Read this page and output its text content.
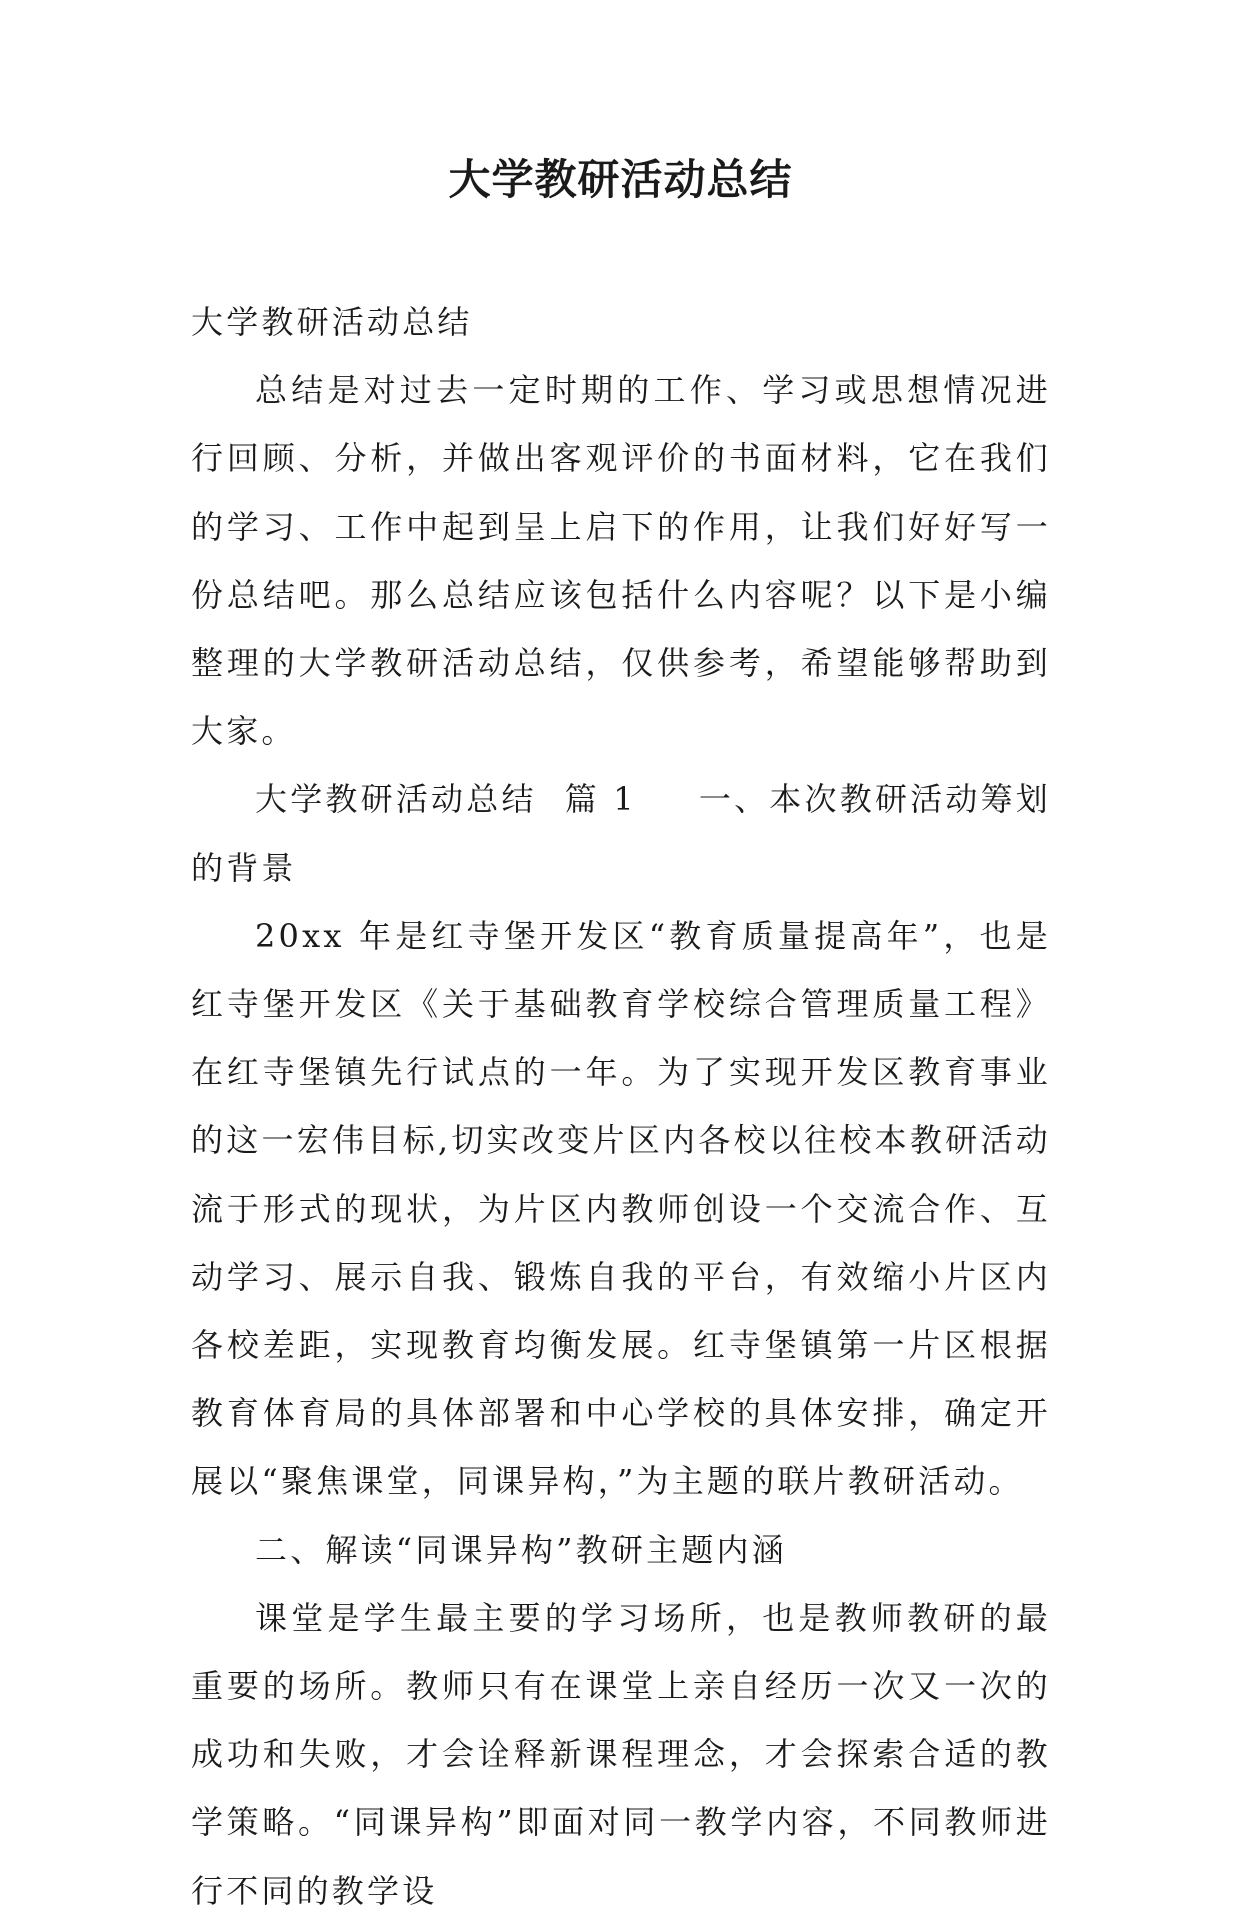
大学教研活动总结

大学教研活动总结

总结是对过去一定时期的工作、学习或思想情况进行回顾、分析，并做出客观评价的书面材料，它在我们的学习、工作中起到呈上启下的作用，让我们好好写一份总结吧。那么总结应该包括什么内容呢？以下是小编整理的大学教研活动总结，仅供参考，希望能够帮助到大家。

大学教研活动总结 篇 1 一、本次教研活动筹划的背景

20xx 年是红寺堡开发区“教育质量提高年”，也是红寺堡开发区《关于基础教育学校综合管理质量工程》在红寺堡镇先行试点的一年。为了实现开发区教育事业的这一宏伟目标,切实改变片区内各校以往校本教研活动流于形式的现状，为片区内教师创设一个交流合作、互动学习、展示自我、锻炼自我的平台，有效缩小片区内各校差距，实现教育均衡发展。红寺堡镇第一片区根据教育体育局的具体部署和中心学校的具体安排，确定开展以“聚焦课堂，同课异构，”为主题的联片教研活动。

二、解读“同课异构”教研主题内涵

课堂是学生最主要的学习场所，也是教师教研的最重要的场所。教师只有在课堂上亲自经历一次又一次的成功和失败，才会诠释新课程理念，才会探索合适的教学策略。“同课异构”即面对同一教学内容，不同教师进行不同的教学设
